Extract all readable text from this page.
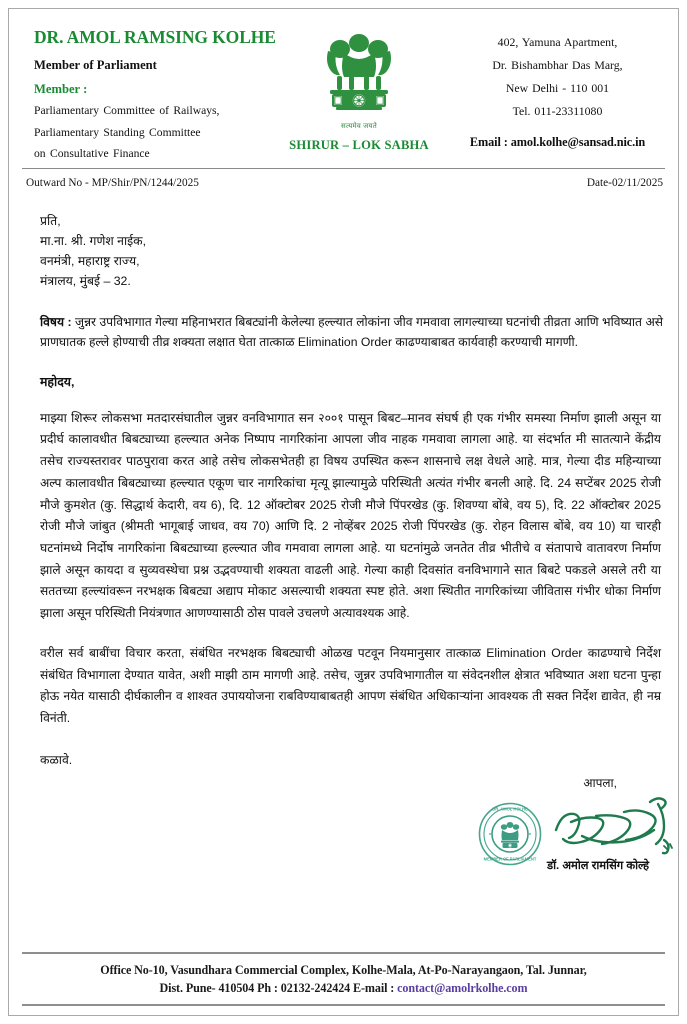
DR. AMOL RAMSING KOLHE
Member of Parliament
Member :
Parliamentary Committee of Railways,
Parliamentary Standing Committee
on Consultative Finance
सत्यमेव जयते
SHIRUR – LOK SABHA
402, Yamuna Apartment,
Dr. Bishambhar Das Marg,
New Delhi - 110 001
Tel. 011-23311080
Email : amol.kolhe@sansad.nic.in
Outward No - MP/Shir/PN/1244/2025	Date-02/11/2025
प्रति,
मा.ना. श्री. गणेश नाईक,
वनमंत्री, महाराष्ट्र राज्य,
मंत्रालय, मुंबई – 32.
विषय : जुन्नर उपविभागात गेल्या महिनाभरात बिबट्यांनी केलेल्या हल्ल्यात लोकांना जीव गमवावा लागल्याच्या घटनांची तीव्रता आणि भविष्यात असे प्राणघातक हल्ले होण्याची तीव्र शक्यता लक्षात घेता तात्काळ Elimination Order काढण्याबाबत कार्यवाही करण्याची मागणी.
महोदय,
माझ्या शिरूर लोकसभा मतदारसंघातील जुन्नर वनविभागात सन २००१ पासून बिबट–मानव संघर्ष ही एक गंभीर समस्या निर्माण झाली असून या प्रदीर्घ कालावधीत बिबट्याच्या हल्ल्यात अनेक निष्पाप नागरिकांना आपला जीव नाहक गमवावा लागला आहे. या संदर्भात मी सातत्याने केंद्रीय तसेच राज्यस्तरावर पाठपुरावा करत आहे तसेच लोकसभेतही हा विषय उपस्थित करून शासनाचे लक्ष वेधले आहे. मात्र, गेल्या दीड महिन्याच्या अल्प कालावधीत बिबट्याच्या हल्ल्यात एकूण चार नागरिकांचा मृत्यू झाल्यामुळे परिस्थिती अत्यंत गंभीर बनली आहे. दि. 24 सप्टेंबर 2025 रोजी मौजे कुमशेत (कु. सिद्धार्थ केदारी, वय 6), दि. 12 ऑक्टोबर 2025 रोजी मौजे पिंपरखेड (कु. शिवण्या बोंबे, वय 5), दि. 22 ऑक्टोबर 2025 रोजी मौजे जांबुत (श्रीमती भागूबाई जाधव, वय 70) आणि दि. 2 नोव्हेंबर 2025 रोजी पिंपरखेड (कु. रोहन विलास बोंबे, वय 10) या चारही घटनांमध्ये निर्दोष नागरिकांना बिबट्याच्या हल्ल्यात जीव गमवावा लागला आहे. या घटनांमुळे जनतेत तीव्र भीतीचे व संतापाचे वातावरण निर्माण झाले असून कायदा व सुव्यवस्थेचा प्रश्न उद्भवण्याची शक्यता वाढली आहे. गेल्या काही दिवसांत वनविभागाने सात बिबटे पकडले असले तरी या सततच्या हल्ल्यांवरून नरभक्षक बिबट्या अद्याप मोकाट असल्याची शक्यता स्पष्ट होते. अशा स्थितीत नागरिकांच्या जीवितास गंभीर धोका निर्माण झाला असून परिस्थिती नियंत्रणात आणण्यासाठी ठोस पावले उचलणे अत्यावश्यक आहे.
वरील सर्व बाबींचा विचार करता, संबंधित नरभक्षक बिबट्याची ओळख पटवून नियमानुसार तात्काळ Elimination Order काढण्याचे निर्देश संबंधित विभागाला देण्यात यावेत, अशी माझी ठाम मागणी आहे. तसेच, जुन्नर उपविभागातील या संवेदनशील क्षेत्रात भविष्यात अशा घटना पुन्हा होऊ नयेत यासाठी दीर्घकालीन व शाश्वत उपाययोजना राबविण्याबाबतही आपण संबंधित अधिकाऱ्यांना आवश्यक ती सक्त निर्देश द्यावेत, ही नम्र विनंती.
कळावे.
आपला,
DR. AMOL KOLHE
MEMBER OF PARLIAMENT
डॉ. अमोल रामसिंग कोल्हे
Office No-10, Vasundhara Commercial Complex, Kolhe-Mala, At-Po-Narayangaon, Tal. Junnar,
Dist. Pune- 410504 Ph : 02132-242424 E-mail : contact@amolrkolhe.com
